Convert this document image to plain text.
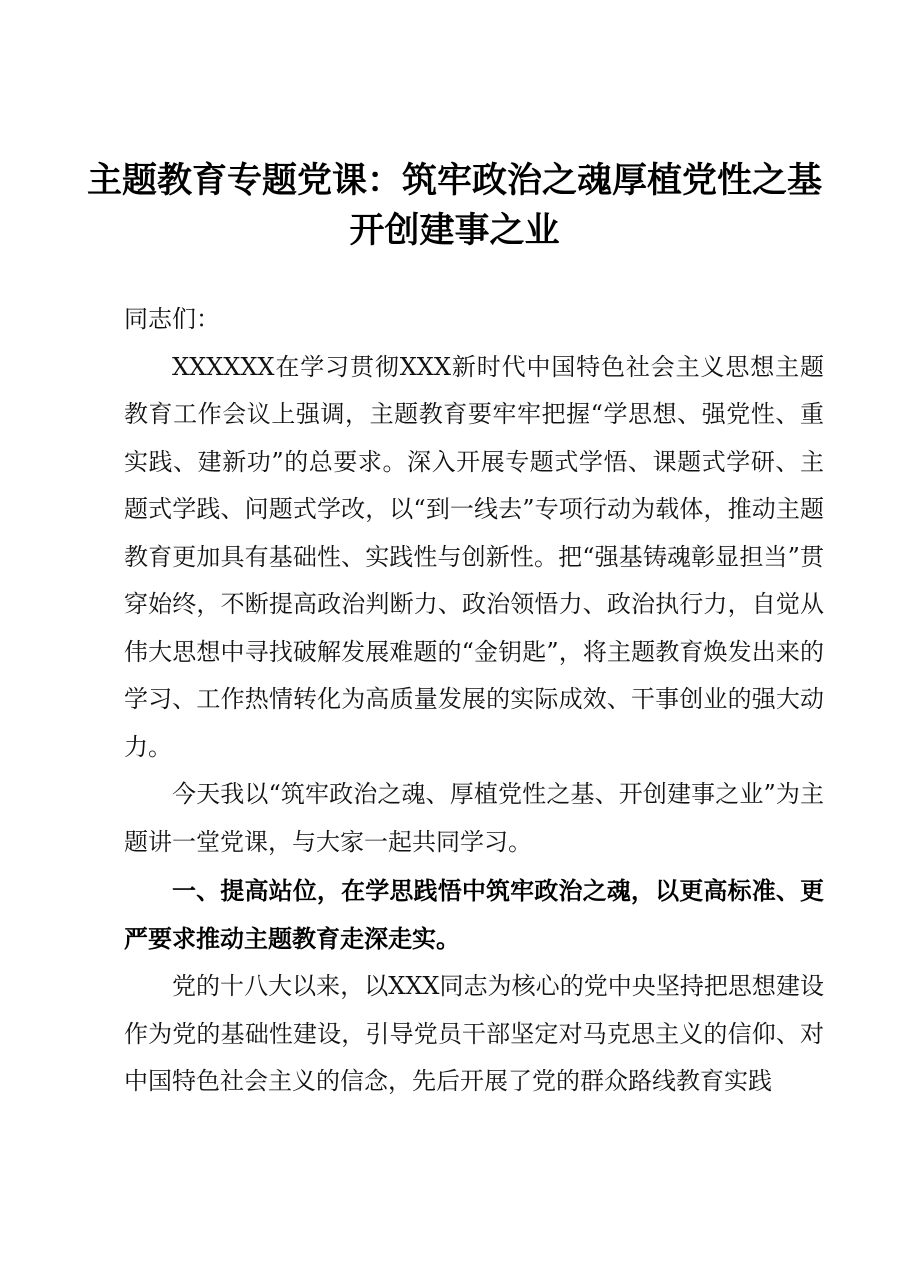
主题教育专题党课：筑牢政治之魂厚植党性之基
开创建事之业

同志们：

XXXXXX在学习贯彻XXX新时代中国特色社会主义思想主题教育工作会议上强调，主题教育要牢牢把握“学思想、强党性、重实践、建新功”的总要求。深入开展专题式学悟、课题式学研、主题式学践、问题式学改，以“到一线去”专项行动为载体，推动主题教育更加具有基础性、实践性与创新性。把“强基铸魂彰显担当”贯穿始终，不断提高政治判断力、政治领悟力、政治执行力，自觉从伟大思想中寻找破解发展难题的“金钥匙”，将主题教育焕发出来的学习、工作热情转化为高质量发展的实际成效、干事创业的强大动力。

今天我以“筑牢政治之魂、厚植党性之基、开创建事之业”为主题讲一堂党课，与大家一起共同学习。

一、提高站位，在学思践悟中筑牢政治之魂，以更高标准、更严要求推动主题教育走深走实。

党的十八大以来，以XXX同志为核心的党中央坚持把思想建设作为党的基础性建设，引导党员干部坚定对马克思主义的信仰、对中国特色社会主义的信念，先后开展了党的群众路线教育实践
